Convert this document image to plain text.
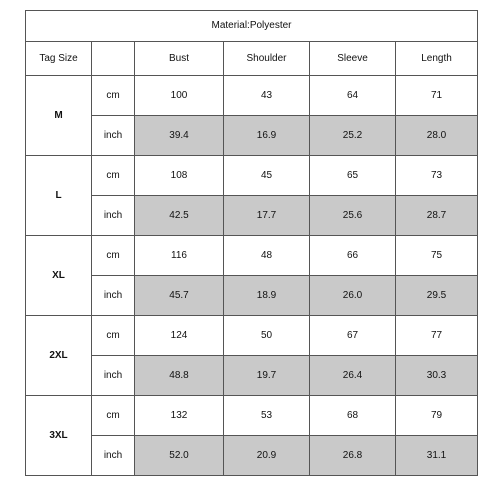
Material:Polyester					
Tag Size		Bust	Shoulder	Sleeve	Length
M	cm	100	43	64	71
	inch	39.4	16.9	25.2	28.0
L	cm	108	45	65	73
	inch	42.5	17.7	25.6	28.7
XL	cm	116	48	66	75
	inch	45.7	18.9	26.0	29.5
2XL	cm	124	50	67	77
	inch	48.8	19.7	26.4	30.3
3XL	cm	132	53	68	79
	inch	52.0	20.9	26.8	31.1
